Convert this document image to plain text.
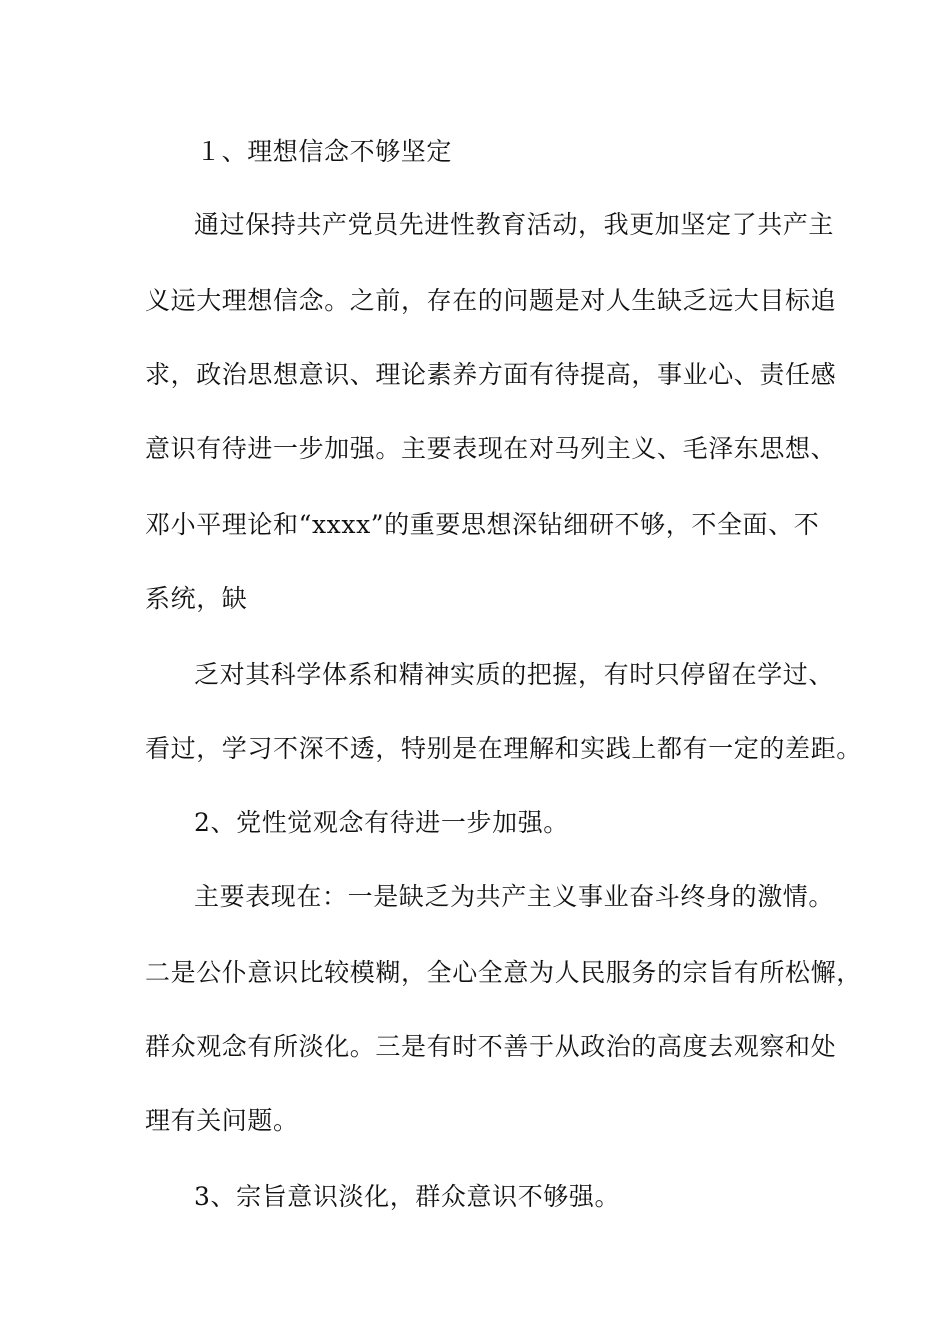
１、理想信念不够坚定
通过保持共产党员先进性教育活动，我更加坚定了共产主
义远大理想信念。之前，存在的问题是对人生缺乏远大目标追
求，政治思想意识、理论素养方面有待提高，事业心、责任感
意识有待进一步加强。主要表现在对马列主义、毛泽东思想、
邓小平理论和“xxxx”的重要思想深钻细研不够，不全面、不
系统，缺
乏对其科学体系和精神实质的把握，有时只停留在学过、
看过，学习不深不透，特别是在理解和实践上都有一定的差距。
2、党性觉观念有待进一步加强。
主要表现在：一是缺乏为共产主义事业奋斗终身的激情。
二是公仆意识比较模糊，全心全意为人民服务的宗旨有所松懈，
群众观念有所淡化。三是有时不善于从政治的高度去观察和处
理有关问题。
3、宗旨意识淡化，群众意识不够强。
